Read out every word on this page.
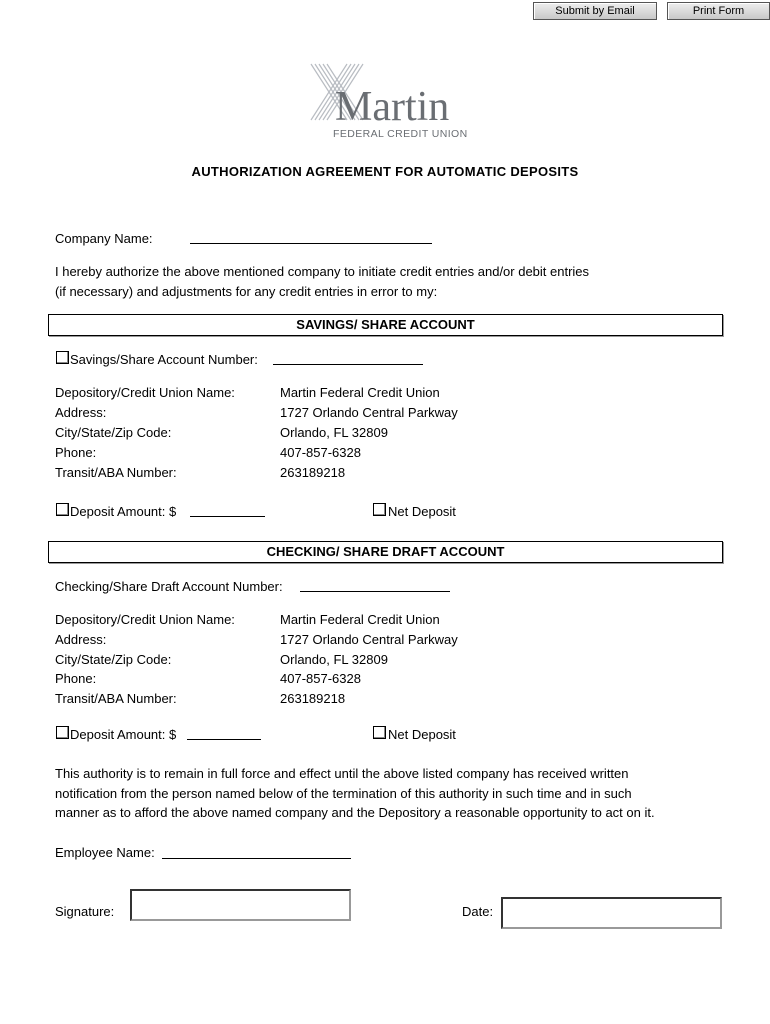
Submit by Email	Print Form
Martin
FEDERAL CREDIT UNION
AUTHORIZATION AGREEMENT FOR AUTOMATIC DEPOSITS
Company Name:
I hereby authorize the above mentioned company to initiate credit entries and/or debit entries
(if necessary) and adjustments for any credit entries in error to my:
SAVINGS/ SHARE ACCOUNT
Savings/Share Account Number:
Depository/Credit Union Name:	Martin Federal Credit Union
Address:	1727 Orlando Central Parkway
City/State/Zip Code:	Orlando, FL 32809
Phone:	407-857-6328
Transit/ABA Number:	263189218
Deposit Amount: $	Net Deposit
CHECKING/ SHARE DRAFT ACCOUNT
Checking/Share Draft Account Number:
Depository/Credit Union Name:	Martin Federal Credit Union
Address:	1727 Orlando Central Parkway
City/State/Zip Code:	Orlando, FL 32809
Phone:	407-857-6328
Transit/ABA Number:	263189218
Deposit Amount: $	Net Deposit
This authority is to remain in full force and effect until the above listed company has received written
notification from the person named below of the termination of this authority in such time and in such
manner as to afford the above named company and the Depository a reasonable opportunity to act on it.
Employee Name:
Signature:	Date:
